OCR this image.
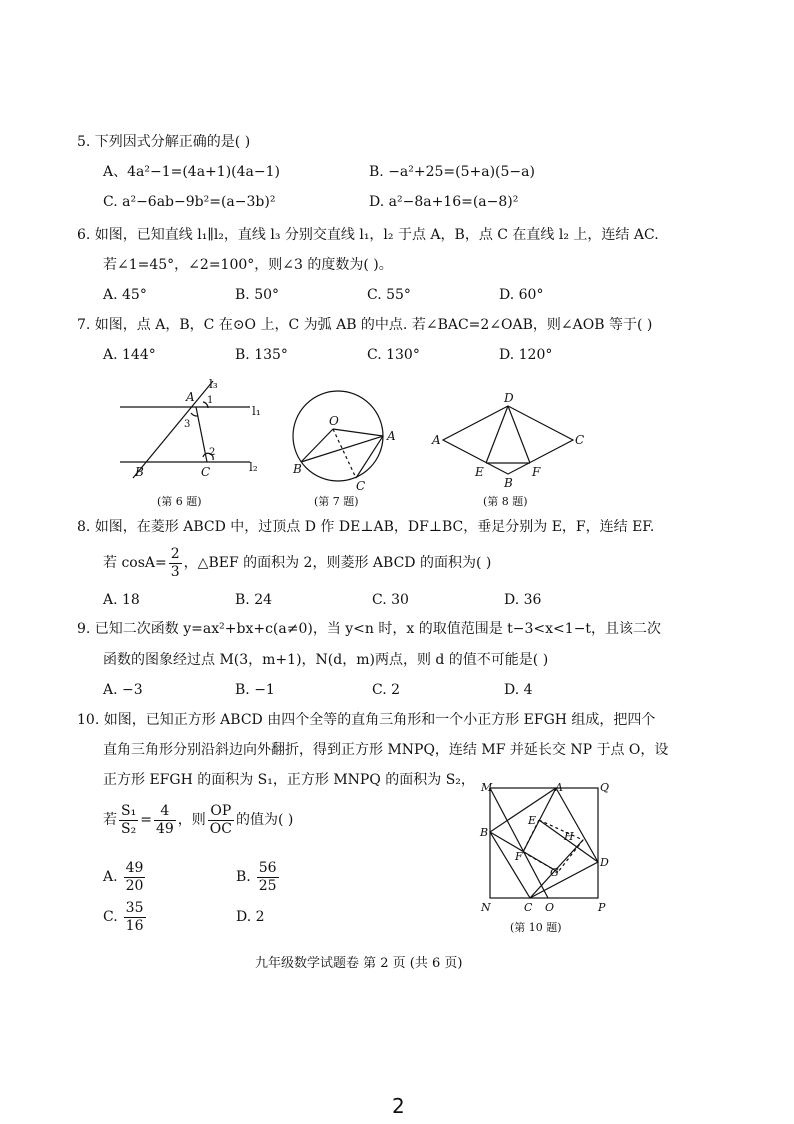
5. 下列因式分解正确的是( )
A、4a²−1=(4a+1)(4a−1)	B. −a²+25=(5+a)(5−a)
C. a²−6ab−9b²=(a−3b)²	D. a²−8a+16=(a−8)²
6. 如图，已知直线 l₁∥l₂，直线 l₃ 分别交直线 l₁，l₂ 于点 A，B，点 C 在直线 l₂ 上，连结 AC.
若∠1=45°，∠2=100°，则∠3 的度数为( )。
A. 45°	B. 50°	C. 55°	D. 60°
7. 如图，点 A，B，C 在⊙O 上，C 为弧 AB 的中点. 若∠BAC=2∠OAB，则∠AOB 等于( )
A. 144°	B. 135°	C. 130°	D. 120°
l₃
l₁
l₂
A
B	C
1
2
3
(第 6 题)
O
A
B
C
(第 7 题)
D
A	C
E	F
B
(第 8 题)
8. 如图，在菱形 ABCD 中，过顶点 D 作 DE⊥AB，DF⊥BC，垂足分别为 E，F，连结 EF.
若 $\cos A= \frac{2}{3}$ ，△BEF 的面积为 2，则菱形 ABCD 的面积为( )
A. 18	B. 24	C. 30	D. 36
9. 已知二次函数 y=ax²+bx+c(a≠0)，当 y<n 时，x 的取值范围是 t−3<x<1−t，且该二次
函数的图象经过点 M(3，m+1)，N(d，m)两点，则 d 的值不可能是( )
A. −3	B. −1	C. 2	D. 4
10. 如图，已知正方形 ABCD 由四个全等的直角三角形和一个小正方形 EFGH 组成，把四个
直角三角形分别沿斜边向外翻折，得到正方形 MNPQ，连结 MF 并延长交 NP 于点 O，设
正方形 EFGH 的面积为 S₁，正方形 MNPQ 的面积为 S₂，
若 $\frac{\text{S₁}}{\text{S₂}} = \frac{4}{49}$ ，则 $\frac{OP}{OC}$ 的值为( )
A. $\frac{49}{20}$	B. $\frac{56}{25}$
C. $\frac{35}{16}$	D. 2
M	A	Q
B
E
H
F	D
G
N	C O	P
(第 10 题)
九年级数学试题卷 第 2 页 (共 6 页)
2
